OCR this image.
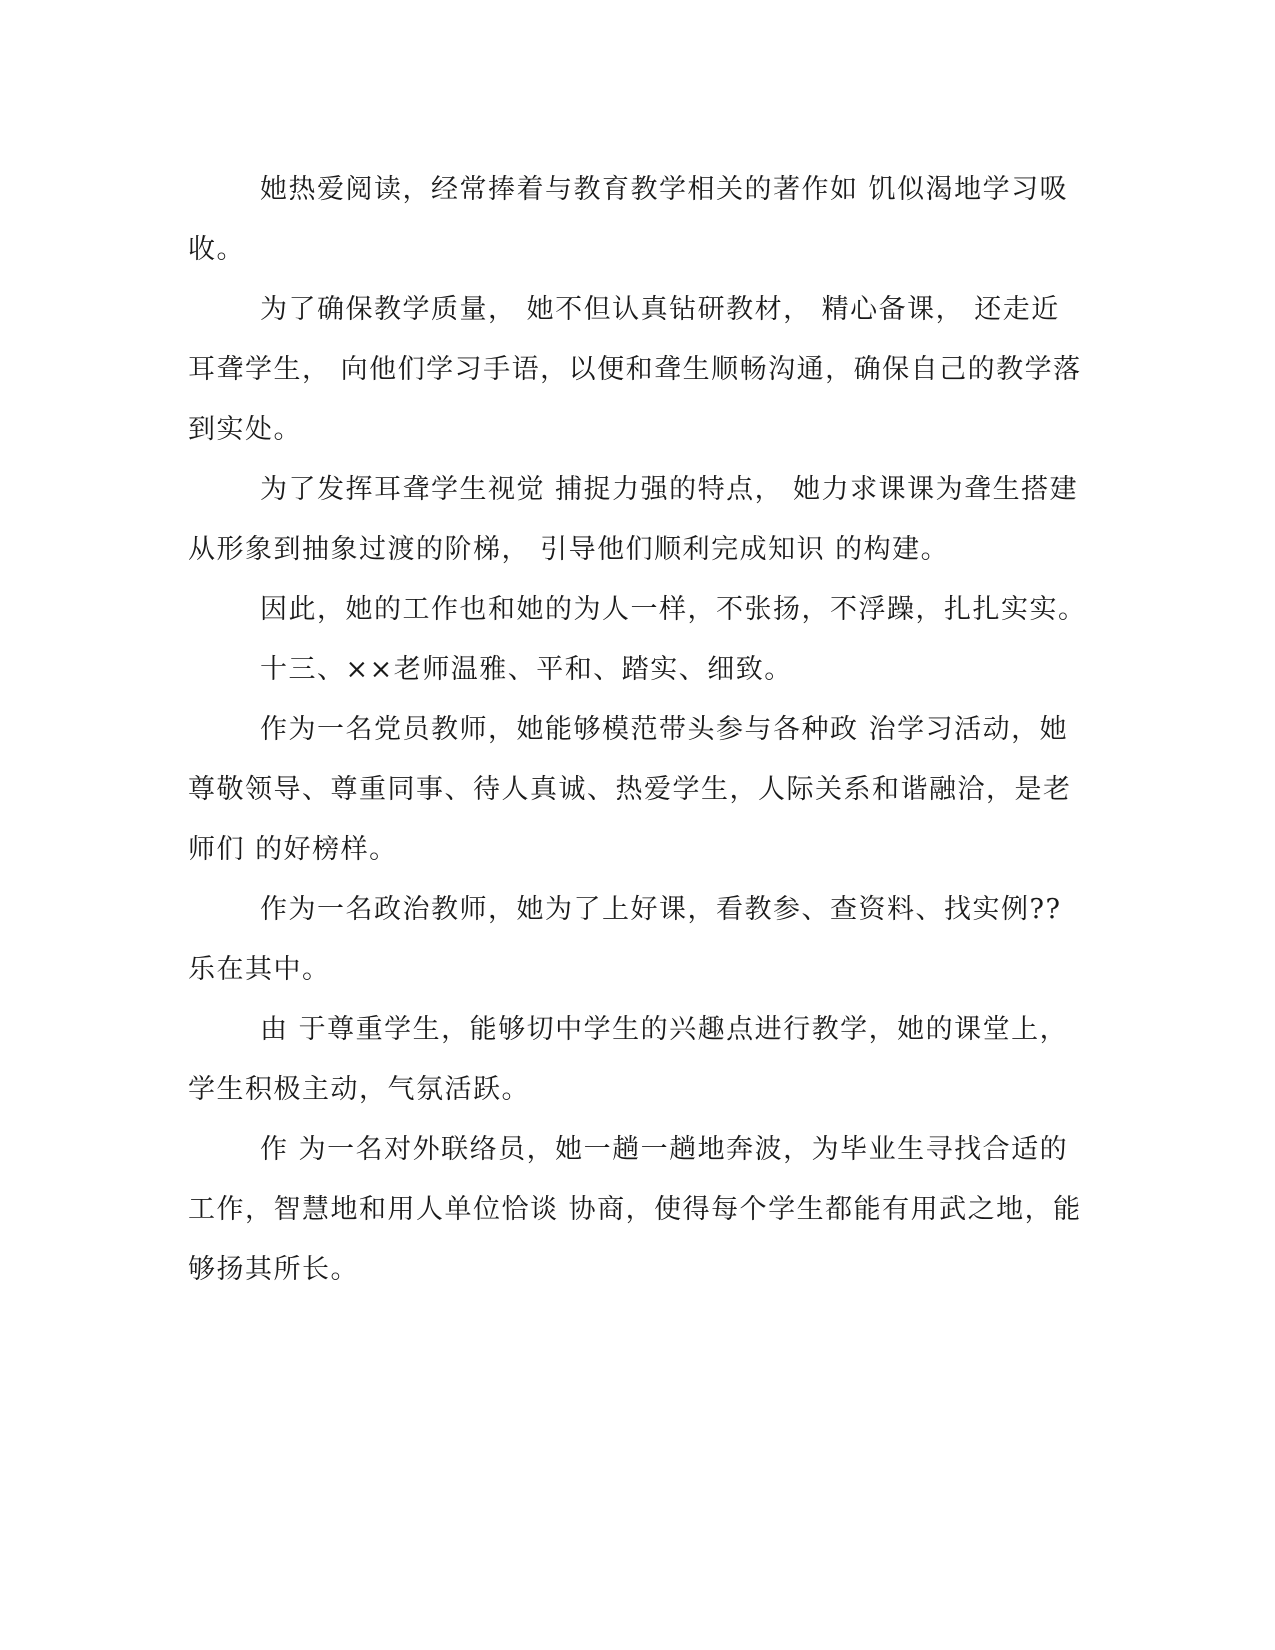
她热爱阅读，经常捧着与教育教学相关的著作如 饥似渴地学习吸收。

为了确保教学质量， 她不但认真钻研教材， 精心备课， 还走近耳聋学生， 向他们学习手语，以便和聋生顺畅沟通，确保自己的教学落到实处。

为了发挥耳聋学生视觉 捕捉力强的特点， 她力求课课为聋生搭建从形象到抽象过渡的阶梯， 引导他们顺利完成知识 的构建。

因此，她的工作也和她的为人一样，不张扬，不浮躁，扎扎实实。

十三、××老师温雅、平和、踏实、细致。

作为一名党员教师，她能够模范带头参与各种政 治学习活动，她尊敬领导、尊重同事、待人真诚、热爱学生，人际关系和谐融洽，是老师们 的好榜样。

作为一名政治教师，她为了上好课，看教参、查资料、找实例??乐在其中。

由 于尊重学生，能够切中学生的兴趣点进行教学，她的课堂上，学生积极主动，气氛活跃。

作 为一名对外联络员，她一趟一趟地奔波，为毕业生寻找合适的工作，智慧地和用人单位恰谈 协商，使得每个学生都能有用武之地，能够扬其所长。
